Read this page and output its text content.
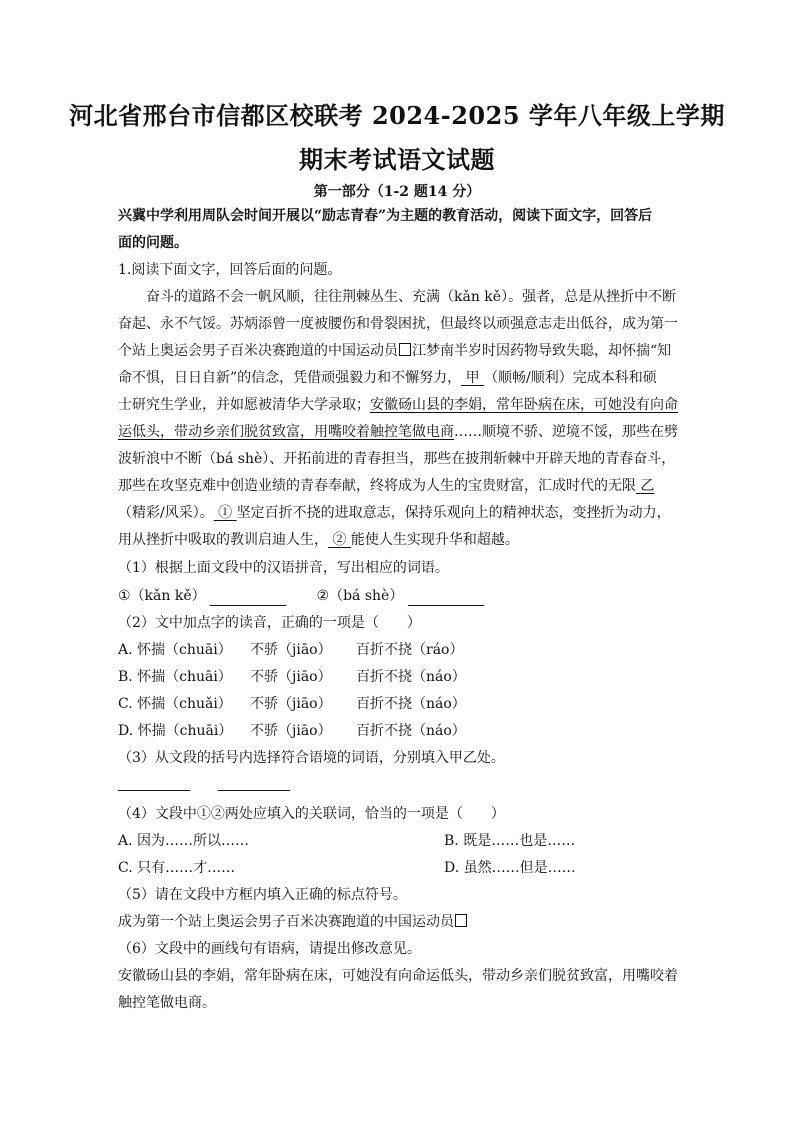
河北省邢台市信都区校联考 2024-2025 学年八年级上学期
期末考试语文试题
第一部分（1-2 题14 分）
兴冀中学利用周队会时间开展以“励志青春”为主题的教育活动，阅读下面文字，回答后
面的问题。
1.阅读下面文字，回答后面的问题。
奋斗的道路不会一帆风顺，往往荆棘丛生、充满（kǎn kě）。强者，总是从挫折中不断
奋起、永不气馁。苏炳添曾一度被腰伤和骨裂困扰，但最终以顽强意志走出低谷，成为第一
个站上奥运会男子百米决赛跑道的中国运动员 江梦南半岁时因药物导致失聪，却怀揣“知
命不惧，日日自新”的信念，凭借顽强毅力和不懈努力， 甲 （顺畅/顺利）完成本科和硕
士研究生学业，并如愿被清华大学录取；安徽砀山县的李娟，常年卧病在床，可她没有向命
运低头，带动乡亲们脱贫致富，用嘴咬着触控笔做电商……顺境不骄、逆境不馁，那些在劈
波斩浪中不断（bá shè）、开拓前进的青春担当，那些在披荆斩棘中开辟天地的青春奋斗，
那些在攻坚克难中创造业绩的青春奉献，终将成为人生的宝贵财富，汇成时代的无限 乙
（精彩/风采）。 ① 坚定百折不挠的进取意志，保持乐观向上的精神状态，变挫折为动力，
用从挫折中吸取的教训启迪人生， ② 能使人生实现升华和超越。
（1）根据上面文段中的汉语拼音，写出相应的词语。
①（kǎn kě）	②（bá shè）
（2）文中加点字的读音，正确的一项是（　　）
A. 怀揣（chuāi） 不骄（jiāo） 百折不挠（ráo）
B. 怀揣（chuāi） 不骄（jiāo） 百折不挠（náo）
C. 怀揣（chuǎi） 不骄（jiāo） 百折不挠（náo）
D. 怀揣（chuāi） 不骄（jiāo） 百折不挠（náo）
（3）从文段的括号内选择符合语境的词语，分别填入甲乙处。
（4）文段中①②两处应填入的关联词，恰当的一项是（　　）
A. 因为……所以……	B. 既是……也是……
C. 只有……才……	D. 虽然……但是……
（5）请在文段中方框内填入正确的标点符号。
成为第一个站上奥运会男子百米决赛跑道的中国运动员
（6）文段中的画线句有语病，请提出修改意见。
安徽砀山县的李娟，常年卧病在床，可她没有向命运低头，带动乡亲们脱贫致富，用嘴咬着
触控笔做电商。
